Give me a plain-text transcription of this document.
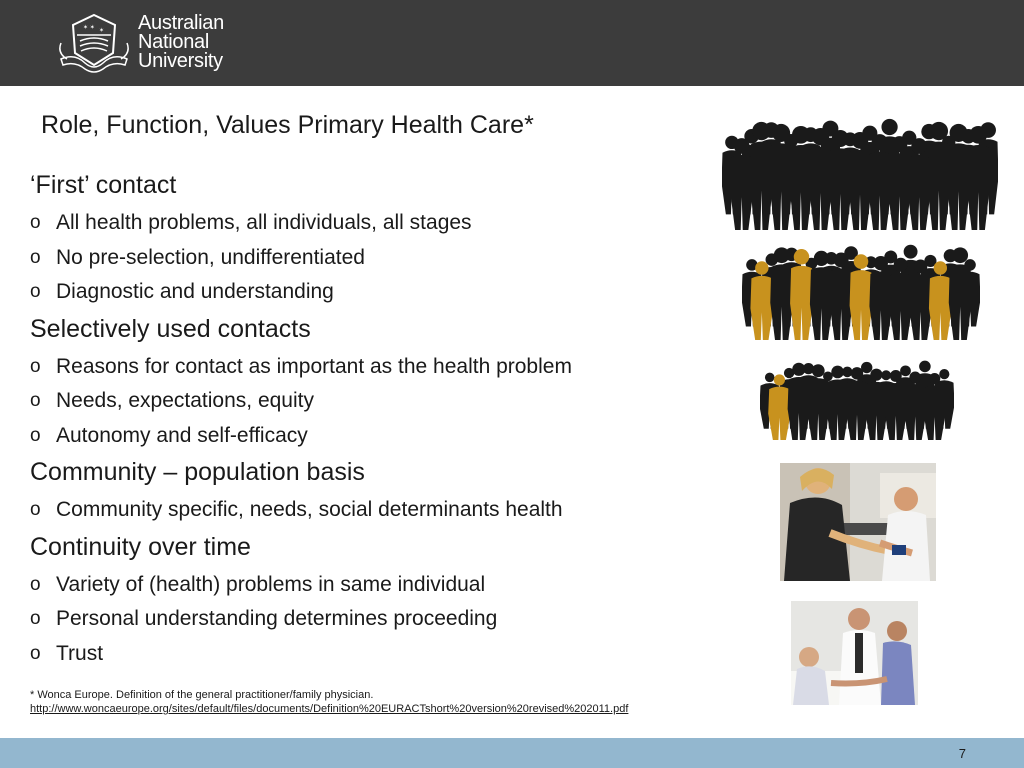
✶ ✶ ✶ Australian
National
University
Role, Function, Values Primary Health Care*
‘First’ contact
o All health problems, all individuals, all stages
o No pre-selection, undifferentiated
o Diagnostic and understanding
Selectively used contacts
o Reasons for contact as important as the health problem
o Needs, expectations, equity
o Autonomy and self-efficacy
Community – population basis
o Community specific, needs, social determinants health
Continuity over time
o Variety of (health) problems in same individual
o Personal understanding determines proceeding
o Trust
* Wonca Europe. Definition of the general practitioner/family physician.
http://www.woncaeurope.org/sites/default/files/documents/Definition%20EURACTshort%20version%20revised%202011.pdf
7
